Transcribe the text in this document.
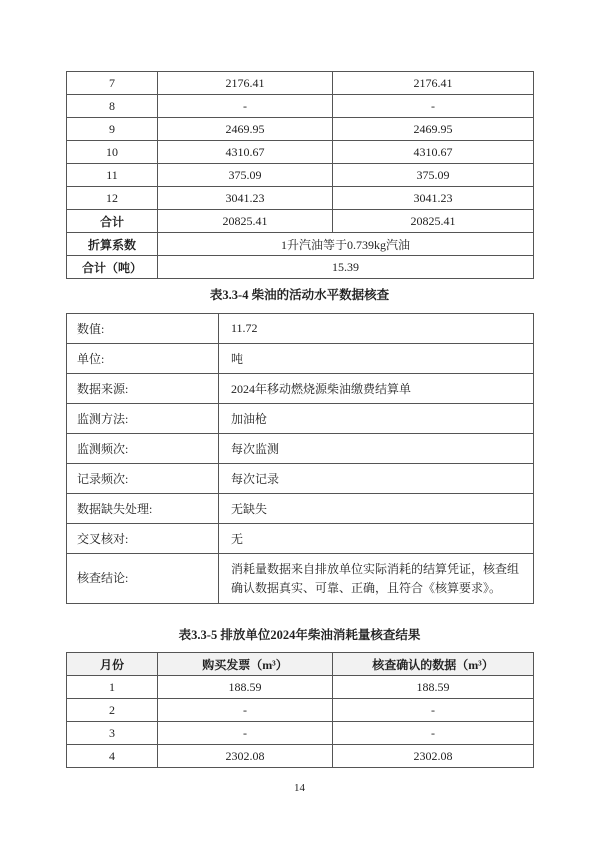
7	2176.41	2176.41
8	-	-
9	2469.95	2469.95
10	4310.67	4310.67
11	375.09	375.09
12	3041.23	3041.23
合计	20825.41	20825.41
折算系数	1升汽油等于0.739kg汽油	
合计（吨）	15.39	

表3.3-4 柴油的活动水平数据核查

数值:	11.72
单位:	吨
数据来源:	2024年移动燃烧源柴油缴费结算单
监测方法:	加油枪
监测频次:	每次监测
记录频次:	每次记录
数据缺失处理:	无缺失
交叉核对:	无
核查结论:	消耗量数据来自排放单位实际消耗的结算凭证，核查组确认数据真实、可靠、正确，且符合《核算要求》。

表3.3-5 排放单位2024年柴油消耗量核查结果

月份	购买发票（m³）	核查确认的数据（m³）
1	188.59	188.59
2	-	-
3	-	-
4	2302.08	2302.08
14
